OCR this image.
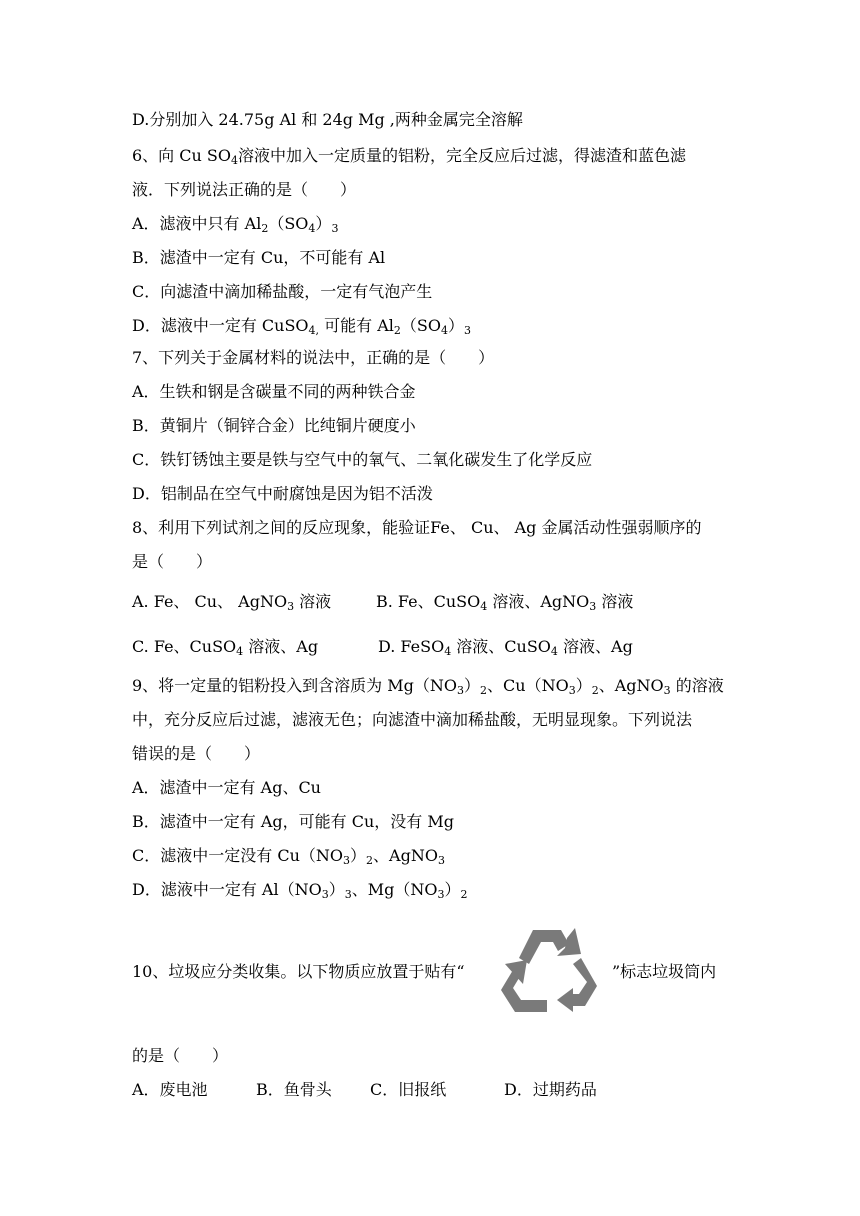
D.分别加入 24.75g Al 和 24g Mg ,两种金属完全溶解
6、向 Cu $SO_4$溶液中加入一定质量的铝粉，完全反应后过滤，得滤渣和蓝色滤
液．下列说法正确的是（　　）
A．滤液中只有 $Al_2(SO_4)_3$
B．滤渣中一定有 Cu，不可能有 Al
C．向滤渣中滴加稀盐酸，一定有气泡产生
D．滤液中一定有 CuSO$_{4,}$ 可能有 $Al_2(SO_4)_3$
7、下列关于金属材料的说法中，正确的是（　　）
A．生铁和钢是含碳量不同的两种铁合金
B．黄铜片（铜锌合金）比纯铜片硬度小
C．铁钉锈蚀主要是铁与空气中的氧气、二氧化碳发生了化学反应
D．铝制品在空气中耐腐蚀是因为铝不活泼
8、利用下列试剂之间的反应现象，能验证Fe、 Cu、 Ag 金属活动性强弱顺序的
是（　　）
A. Fe、 Cu、 AgNO$_3$ 溶液	B. Fe、CuSO$_4$ 溶液、AgNO$_3$ 溶液
C. Fe、CuSO$_4$ 溶液、Ag	D. FeSO$_4$ 溶液、CuSO$_4$ 溶液、Ag
9、将一定量的铝粉投入到含溶质为 $Mg(NO_3)_2$、$Cu(NO_3)_2$、AgNO$_3$ 的溶液
中，充分反应后过滤，滤液无色；向滤渣中滴加稀盐酸，无明显现象。下列说法
错误的是（　　）
A．滤渣中一定有 Ag、Cu
B．滤渣中一定有 Ag，可能有 Cu，没有 Mg
C．滤液中一定没有 $Cu(NO_3)_2$、AgNO$_3$
D．滤液中一定有 $Al(NO_3)_3$、$Mg(NO_3)_2$
10、垃圾应分类收集。以下物质应放置于贴有“	”标志垃圾筒内
的是（　　）
A．废电池	B．鱼骨头 C．旧报纸	D．过期药品
